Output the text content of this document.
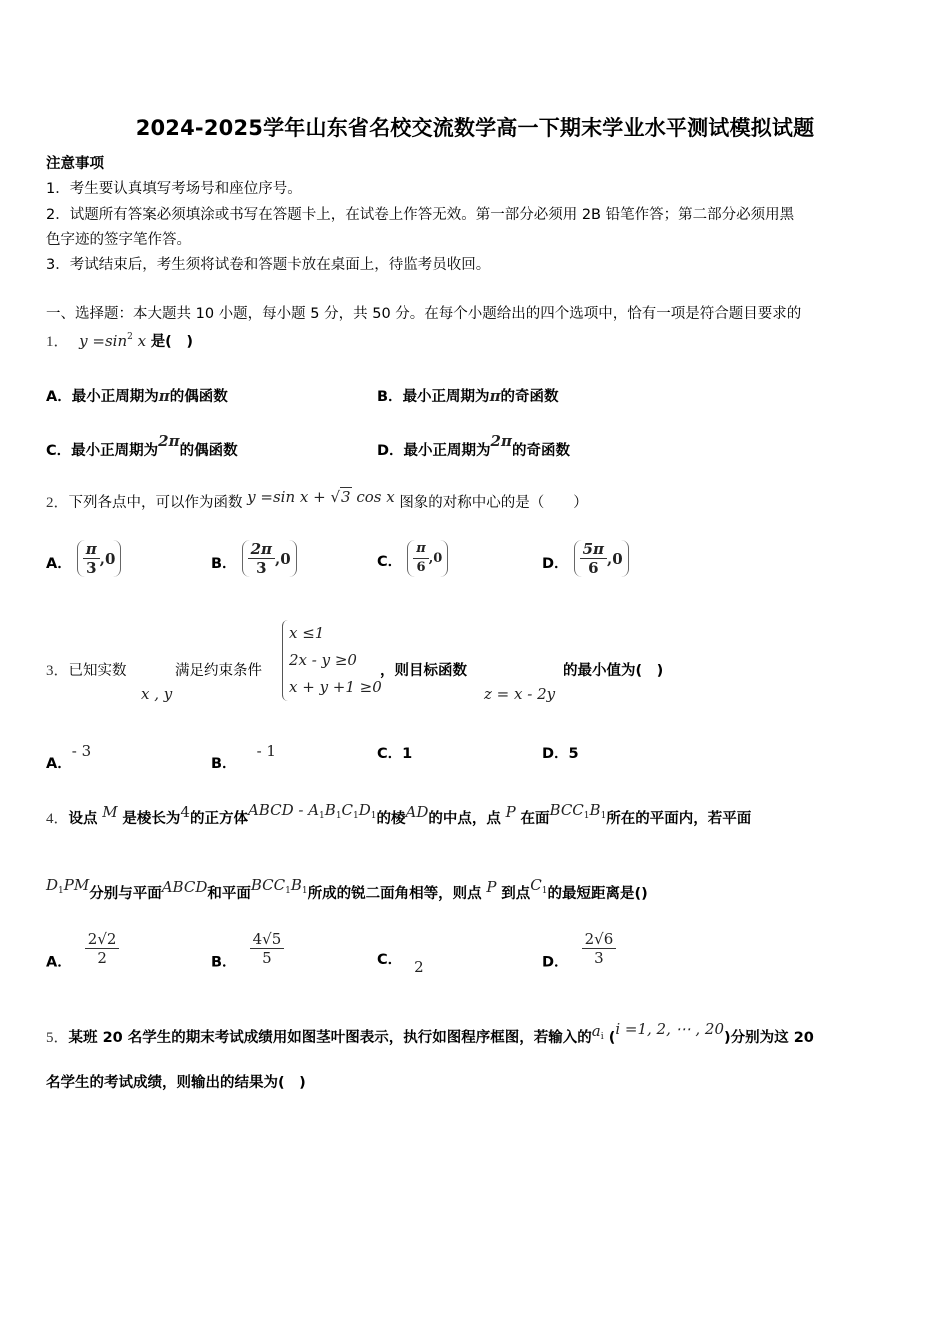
2024-2025学年山东省名校交流数学高一下期末学业水平测试模拟试题
注意事项
1．考生要认真填写考场号和座位序号。
2．试题所有答案必须填涂或书写在答题卡上，在试卷上作答无效。第一部分必须用 2B 铅笔作答；第二部分必须用黑
色字迹的签字笔作答。
3．考试结束后，考生须将试卷和答题卡放在桌面上，待监考员收回。
一、选择题：本大题共 10 小题，每小题 5 分，共 50 分。在每个小题给出的四个选项中，恰有一项是符合题目要求的
1． $y =\sin^2$ x 是(　)
A．最小正周期为π的偶函数	B．最小正周期为π的奇函数
C．最小正周期为2π的偶函数	D．最小正周期为2π的奇函数
2．下列各点中，可以作为函数 y =sin x + √3 cos x 图象的对称中心的是（　　）
A． $\frac{\pi}{3} ,0$	B． $\frac{2\pi}{3} ,0$	C． $\frac{\pi}{6} ,0$	D． $\frac{5\pi}{6} ,0$
3．已知实数
x , y
满足约束条件
x ≤1
2x - y ≥0
x + y +1 ≥0
，则目标函数
z = x - 2y
的最小值为(　)
A．- 3
B．- 1	C．1	D．5
4．设点 M 是棱长为4的正方体ABCD - $A_1B_1C_1D_1$的棱AD的中点，点 P 在面$BCC_1B_1$所在的平面内，若平面
$D_1PM$分别与平面ABCD和平面$BCC_1B_1$所成的锐二面角相等，则点 P 到点$C_1$的最短距离是()
A． $\frac{2√2}{2}$	B． $\frac{4√5}{5}$	C． 2	D． $\frac{2√6}{3}$
5．某班 20 名学生的期末考试成绩用如图茎叶图表示，执行如图程序框图，若输入的$a_i$ (i =1, 2, ⋯ , 20)分别为这 20
名学生的考试成绩，则输出的结果为(　)
